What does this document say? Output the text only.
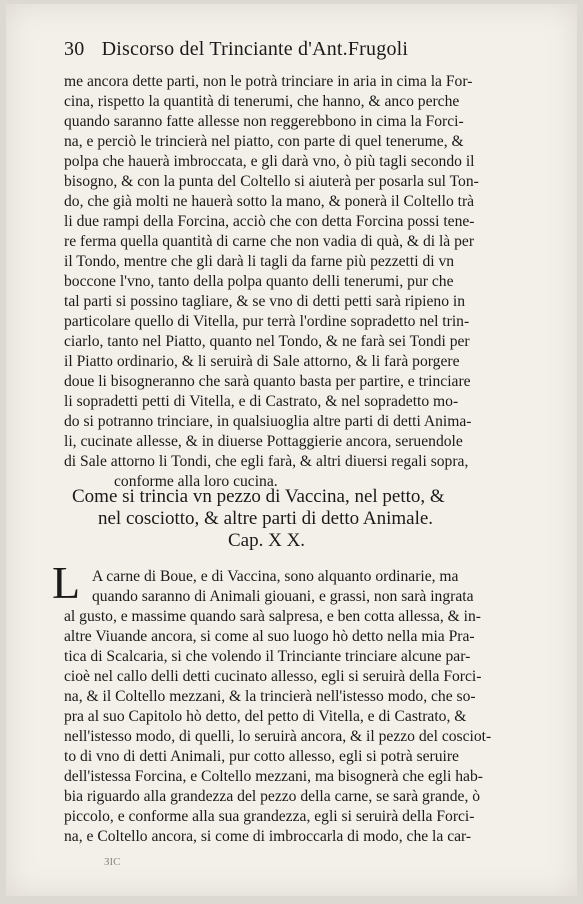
30 Discorso del Trinciante d'Ant.Frugoli
me ancora dette parti, non le potrà trinciare in aria in cima la For-
cina, rispetto la quantità di tenerumi, che hanno, & anco perche
quando saranno fatte allesse non reggerebbono in cima la Forci-
na, e perciò le trincierà nel piatto, con parte di quel tenerume, &
polpa che hauerà imbroccata, e gli darà vno, ò più tagli secondo il
bisogno, & con la punta del Coltello si aiuterà per posarla sul Ton-
do, che già molti ne hauerà sotto la mano, & ponerà il Coltello trà
li due rampi della Forcina, acciò che con detta Forcina possi tene-
re ferma quella quantità di carne che non vadia di quà, & di là per
il Tondo, mentre che gli darà li tagli da farne più pezzetti di vn
boccone l'vno, tanto della polpa quanto delli tenerumi, pur che
tal parti si possino tagliare, & se vno di detti petti sarà ripieno in
particolare quello di Vitella, pur terrà l'ordine sopradetto nel trin-
ciarlo, tanto nel Piatto, quanto nel Tondo, & ne farà sei Tondi per
il Piatto ordinario, & li seruirà di Sale attorno, & li farà porgere
doue li bisogneranno che sarà quanto basta per partire, e trinciare
li sopradetti petti di Vitella, e di Castrato, & nel sopradetto mo-
do si potranno trinciare, in qualsiuoglia altre parti di detti Anima-
li, cucinate allesse, & in diuerse Pottaggierie ancora, seruendole
di Sale attorno li Tondi, che egli farà, & altri diuersi regali sopra,
conforme alla loro cucina.
Come si trincia vn pezzo di Vaccina, nel petto, &
nel cosciotto, & altre parti di detto Animale.
Cap. X X.
L A carne di Boue, e di Vaccina, sono alquanto ordinarie, ma
quando saranno di Animali giouani, e grassi, non sarà ingrata
al gusto, e massime quando sarà salpresa, e ben cotta allessa, & in-
altre Viuande ancora, si come al suo luogo hò detto nella mia Pra-
tica di Scalcaria, si che volendo il Trinciante trinciare alcune par-
cioè nel callo delli detti cucinato allesso, egli si seruirà della Forci-
na, & il Coltello mezzani, & la trincierà nell'istesso modo, che so-
pra al suo Capitolo hò detto, del petto di Vitella, e di Castrato, &
nell'istesso modo, di quelli, lo seruirà ancora, & il pezzo del cosciot-
to di vno di detti Animali, pur cotto allesso, egli si potrà seruire
dell'istessa Forcina, e Coltello mezzani, ma bisognerà che egli hab-
bia riguardo alla grandezza del pezzo della carne, se sarà grande, ò
piccolo, e conforme alla sua grandezza, egli si seruirà della Forci-
na, e Coltello ancora, si come di imbroccarla di modo, che la car-
ЗІС
